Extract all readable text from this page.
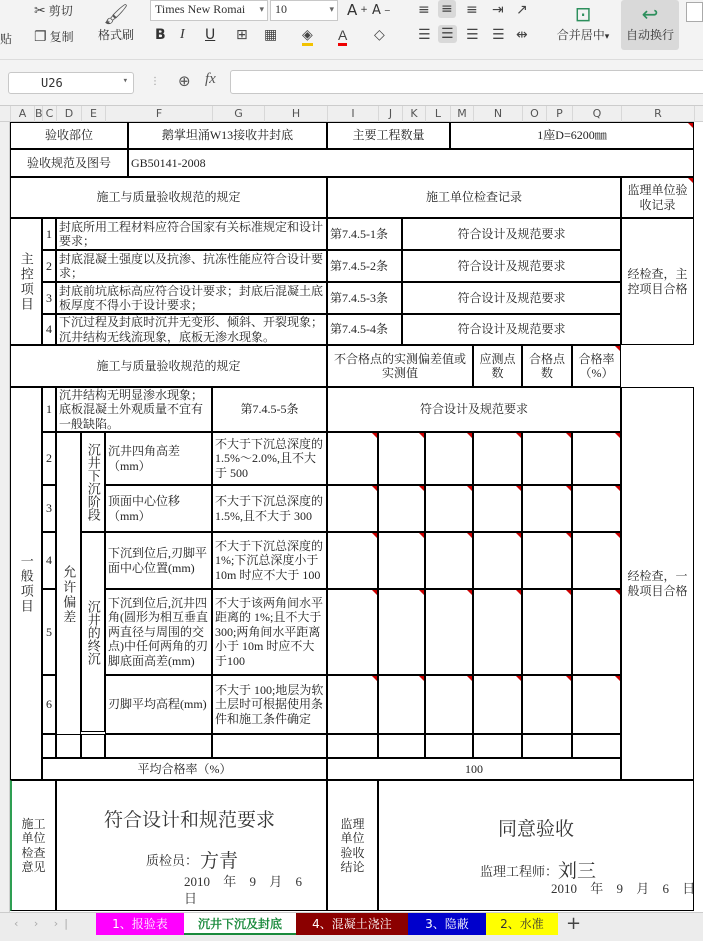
贴
✂ 剪切
❐ 复制
🖌
格式刷
Times New Romai ▾ 10	▾ A + A −
B I U ⊞ ▦ ◈ A ◇
≡ ≡ ≡ ⇥ ↗
☰ ☰ ☰ ☰ ⇹
⊡
合并居中▾
↩
自动换行
U26	▾ ⋮	⊕ fx
A B C	D	E	F	G	H	I	J	K	L	M	N	O	P	Q	R
验收部位	鹅掌坦涌W13接收井封底	主要工程数量	1座D=6200㎜
验收规范及图号	GB50141-2008
施工与质量验收规范的规定	施工单位检查记录
监理单位验收记录
主控项目
1
封底所用工程材料应符合国家有关标准规定和设计要求；
第7.4.5-1条	符合设计及规范要求
2
封底混凝土强度以及抗渗、抗冻性能应符合设计要求；
第7.4.5-2条	符合设计及规范要求
3
封底前坑底标高应符合设计要求；封底后混凝土底板厚度不得小于设计要求；
第7.4.5-3条	符合设计及规范要求
4
下沉过程及封底时沉井无变形、倾斜、开裂现象；沉井结构无线流现象，底板无渗水现象。
第7.4.5-4条	符合设计及规范要求
经检查，主控项目合格
施工与质量验收规范的规定
不合格点的实测偏差值或实测值
应测点数
合格点数
合格率（%）
一般项目
1
沉井结构无明显渗水现象；底板混凝土外观质量不宜有一般缺陷。
第7.4.5-5条	符合设计及规范要求
允许偏差
沉井下沉阶段
沉井的终沉
2
沉井四角高差（mm）
不大于下沉总深度的1.5%～2.0%,且不大于 500
3
顶面中心位移（mm）
不大于下沉总深度的1.5%,且不大于 300
4
下沉到位后,刃脚平面中心位置(mm)
不大于下沉总深度的1%;下沉总深度小于10m 时应不大于 100
5
下沉到位后,沉井四角(圆形为相互垂直两直径与周围的交点)中任何两角的刃脚底面高差(mm)
不大于该两角间水平距离的 1%;且不大于 300;两角间水平距离小于 10m 时应不大于100
6	刃脚平均高程(mm)
不大于 100;地层为软土层时可根据使用条件和施工条件确定
经检查，一般项目合格
平均合格率（%）	100
施工单位检查意见
符合设计和规范要求
质检员： 方青
2010 年 9 月 6 日
监理单位验收结论
同意验收
监理工程师： 刘三
2010 年 9 月 6 日
‹ › ›|	1、报验表	沉井下沉及封底	4、混凝土浇注	3、隐蔽	2、水准	+
